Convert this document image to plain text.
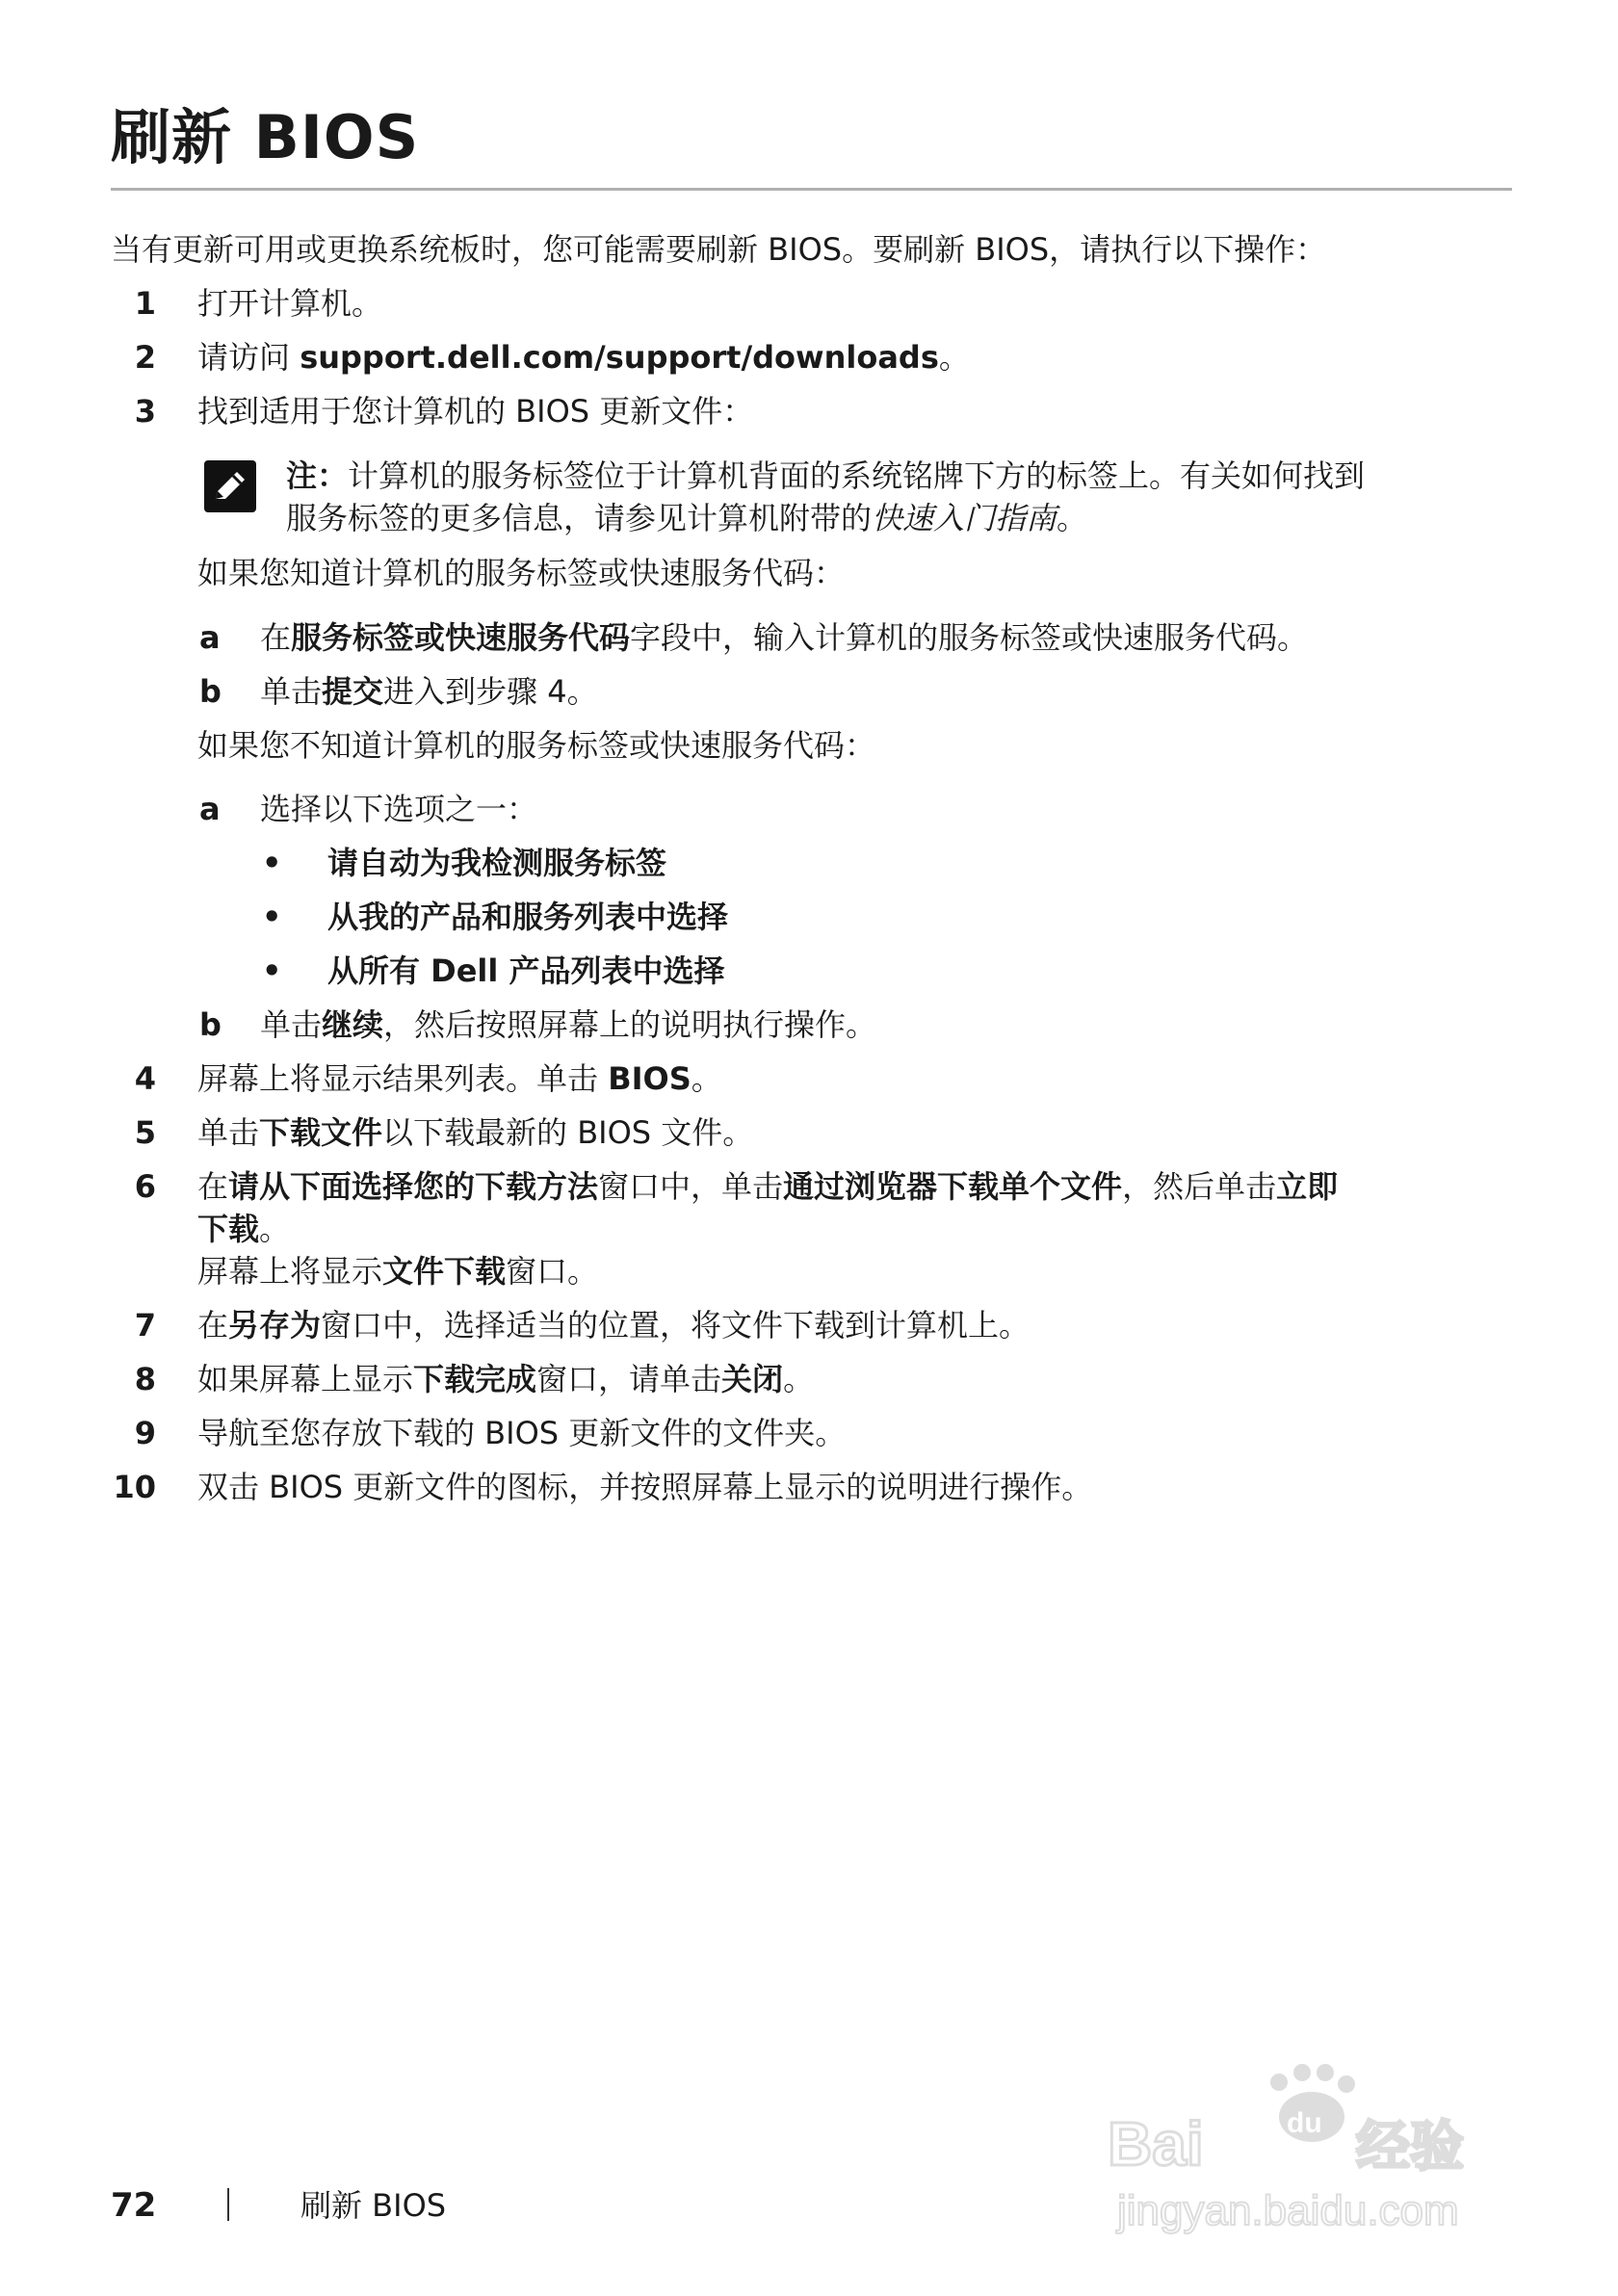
刷新 BIOS
当有更新可用或更换系统板时，您可能需要刷新 BIOS。要刷新 BIOS，请执行以下操作：
1 打开计算机。
2 请访问 support.dell.com/support/downloads。
3 找到适用于您计算机的 BIOS 更新文件：
注：计算机的服务标签位于计算机背面的系统铭牌下方的标签上。有关如何找到
服务标签的更多信息，请参见计算机附带的快速入门指南。
如果您知道计算机的服务标签或快速服务代码：
a 在服务标签或快速服务代码字段中，输入计算机的服务标签或快速服务代码。
b 单击提交进入到步骤 4。
如果您不知道计算机的服务标签或快速服务代码：
a 选择以下选项之一：
• 请自动为我检测服务标签
• 从我的产品和服务列表中选择
• 从所有 Dell 产品列表中选择
b 单击继续，然后按照屏幕上的说明执行操作。
4 屏幕上将显示结果列表。单击 BIOS。
5 单击下载文件以下载最新的 BIOS 文件。
6 在请从下面选择您的下载方法窗口中，单击通过浏览器下载单个文件，然后单击立即
下载。
屏幕上将显示文件下载窗口。
7 在另存为窗口中，选择适当的位置，将文件下载到计算机上。
8 如果屏幕上显示下载完成窗口，请单击关闭。
9 导航至您存放下载的 BIOS 更新文件的文件夹。
10 双击 BIOS 更新文件的图标，并按照屏幕上显示的说明进行操作。
72	刷新 BIOS
Bai	du 经验
jingyan.baidu.com
